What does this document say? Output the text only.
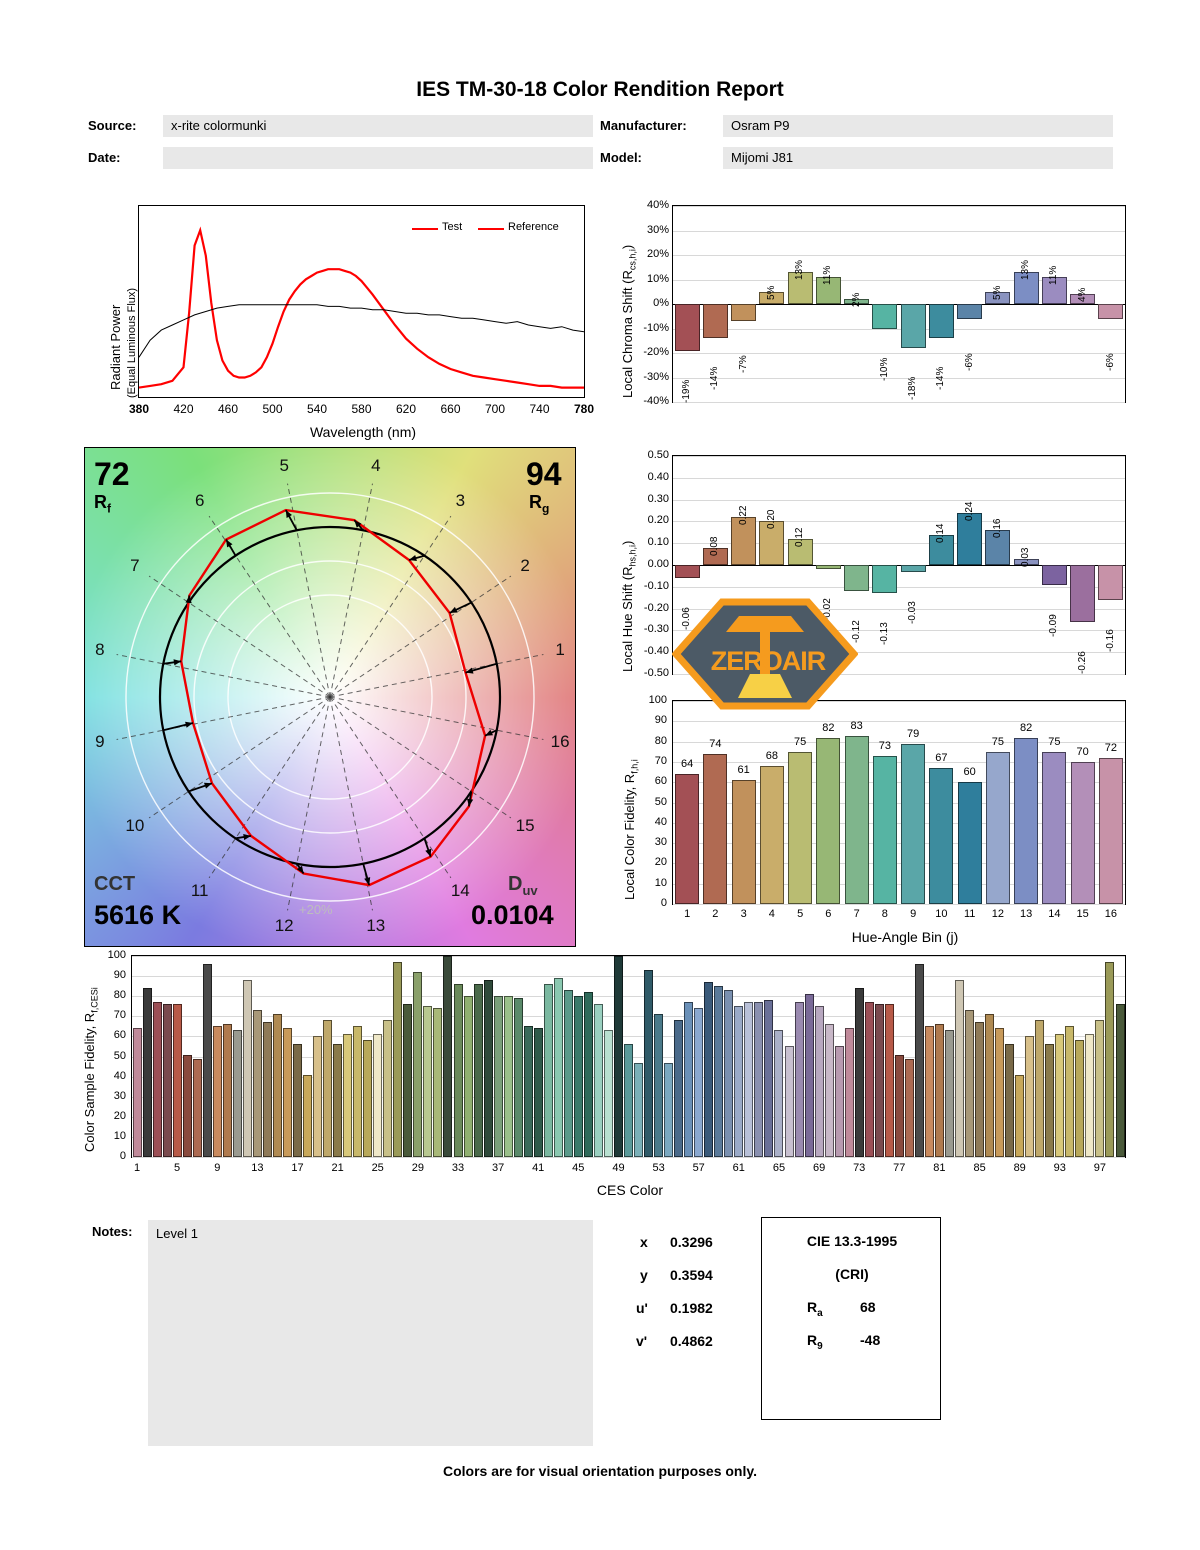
IES TM-30-18 Color Rendition Report
Source:	x-rite colormunki
Date:
Manufacturer:	Osram P9
Model:	Mijomi J81
Radiant Power (Equal Luminous Flux)
Wavelength (nm)
380	420	460	500	540	580	620	660	700	740	780
Test	Reference
-19%
-14%
-7%
5%
13% 11%
2%
-10%
-18% -14%
-6%
5%
13% 11%
4%
-6%
Local Chroma Shift $(R_{cs,h,i})$
40%
30%
20%
10%
0%
-10%
-20%
-30%
-40%
-0.06
0.08
0.22 0.20
0.12
-0.02
-0.12 -0.13
-0.03
0.14
0.24
0.16
0.03
-0.09
-0.26
-0.16
Local Hue Shift $(R_{hs,h,i})$
0.50
0.40
0.30
0.20
0.10
0.00
-0.10
-0.20
-0.30
-0.40
-0.50
64
74
61
68
75
82	83
73
79
67
60
75
82
75
70	72
Local Color Fidelity, $R_{f,h,i}$
100
90
80
70
60
50
40
30
20
10
0
1	2	3	4	5	6	7	8	9	10	11	12	13	14	15	16
Hue-Angle Bin (j)
72
$R_f$
94
$R_g$
CCT
5616 K
$D_{uv}$
0.0104
+20%
1
2
3
4
5
6
7
8
9
10
11
12	13
14
15
16
ZEROAIR
Color Sample Fidelity, $R_{f,CESi}$
100
90
80
70
60
50
40
30
20
10
0
1	5	9	13	17	21	25	29	33	37	41	45	49	53	57	61	65	69	73	77	81	85	89	93	97
CES Color
Notes:	Level 1
x 0.3296
y 0.3594
u' 0.1982
v' 0.4862
CIE 13.3-1995
(CRI)
$R_a$	68
$R_9$	-48
Colors are for visual orientation purposes only.
